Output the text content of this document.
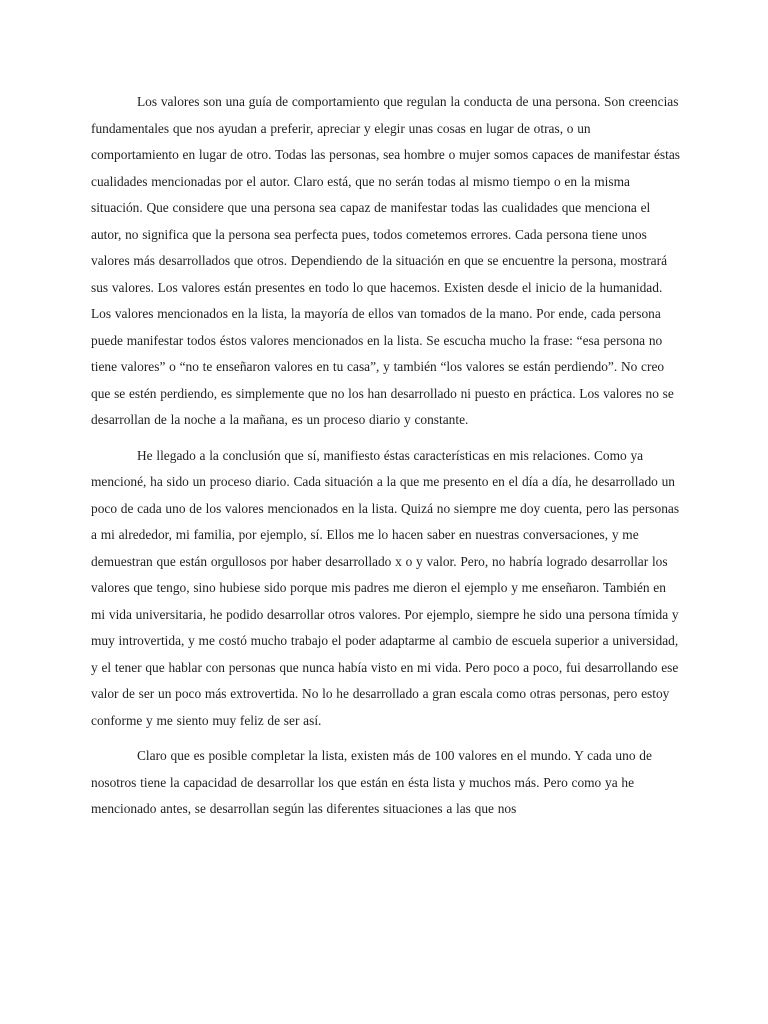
Los valores son una guía de comportamiento que regulan la conducta de una persona. Son creencias fundamentales que nos ayudan a preferir, apreciar y elegir unas cosas en lugar de otras, o un comportamiento en lugar de otro. Todas las personas, sea hombre o mujer somos capaces de manifestar éstas cualidades mencionadas por el autor. Claro está, que no serán todas al mismo tiempo o en la misma situación. Que considere que una persona sea capaz de manifestar todas las cualidades que menciona el autor, no significa que la persona sea perfecta pues, todos cometemos errores. Cada persona tiene unos valores más desarrollados que otros. Dependiendo de la situación en que se encuentre la persona, mostrará sus valores. Los valores están presentes en todo lo que hacemos. Existen desde el inicio de la humanidad. Los valores mencionados en la lista, la mayoría de ellos van tomados de la mano. Por ende, cada persona puede manifestar todos éstos valores mencionados en la lista. Se escucha mucho la frase: “esa persona no tiene valores” o “no te enseñaron valores en tu casa”, y también “los valores se están perdiendo”. No creo que se estén perdiendo, es simplemente que no los han desarrollado ni puesto en práctica. Los valores no se desarrollan de la noche a la mañana, es un proceso diario y constante.

He llegado a la conclusión que sí, manifiesto éstas características en mis relaciones. Como ya mencioné, ha sido un proceso diario. Cada situación a la que me presento en el día a día, he desarrollado un poco de cada uno de los valores mencionados en la lista. Quizá no siempre me doy cuenta, pero las personas a mi alrededor, mi familia, por ejemplo, sí. Ellos me lo hacen saber en nuestras conversaciones, y me demuestran que están orgullosos por haber desarrollado x o y valor. Pero, no habría logrado desarrollar los valores que tengo, sino hubiese sido porque mis padres me dieron el ejemplo y me enseñaron. También en mi vida universitaria, he podido desarrollar otros valores. Por ejemplo, siempre he sido una persona tímida y muy introvertida, y me costó mucho trabajo el poder adaptarme al cambio de escuela superior a universidad, y el tener que hablar con personas que nunca había visto en mi vida. Pero poco a poco, fui desarrollando ese valor de ser un poco más extrovertida. No lo he desarrollado a gran escala como otras personas, pero estoy conforme y me siento muy feliz de ser así.

Claro que es posible completar la lista, existen más de 100 valores en el mundo. Y cada uno de nosotros tiene la capacidad de desarrollar los que están en ésta lista y muchos más. Pero como ya he mencionado antes, se desarrollan según las diferentes situaciones a las que nos
